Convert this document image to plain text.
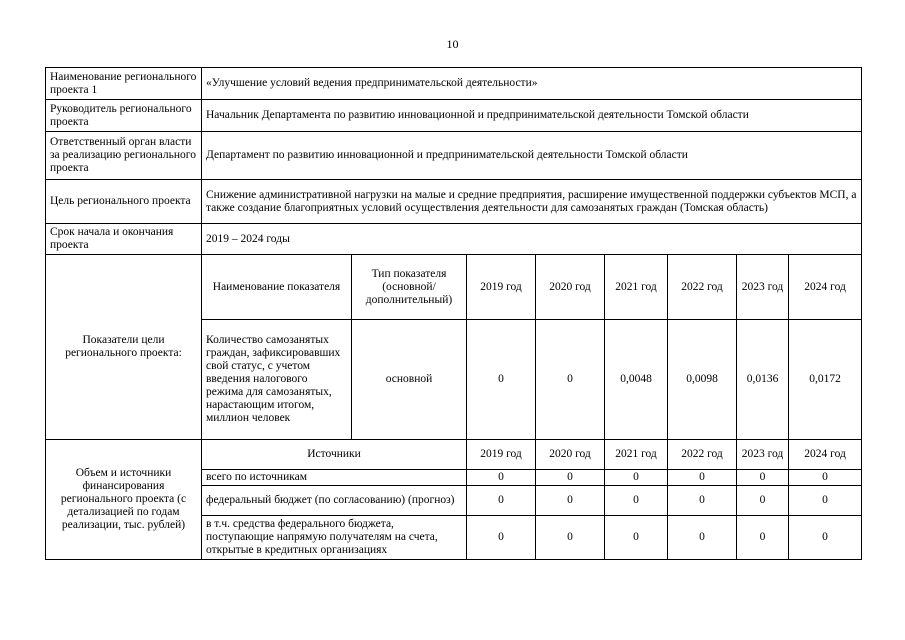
10
Наименование регионального проекта 1	«Улучшение условий ведения предпринимательской деятельности»							
Руководитель регионального проекта	Начальник Департамента по развитию инновационной и предпринимательской деятельности Томской области							
Ответственный орган власти за реализацию регионального проекта	Департамент по развитию инновационной и предпринимательской деятельности Томской области							
Цель регионального проекта	Снижение административной нагрузки на малые и средние предприятия, расширение имущественной поддержки субъектов МСП, а также создание благоприятных условий осуществления деятельности для самозанятых граждан (Томская область)							
Срок начала и окончания проекта	2019 – 2024 годы							
Показатели цели регионального проекта:	Наименование показателя	Тип показателя (основной/ дополнительный)	2019 год	2020 год	2021 год	2022 год	2023 год	2024 год
	Количество самозанятых граждан, зафиксировавших свой статус, с учетом введения налогового режима для самозанятых, нарастающим итогом, миллион человек	основной	0	0	0,0048	0,0098	0,0136	0,0172
Объем и источники финансирования регионального проекта (с детализацией по годам реализации, тыс. рублей)	Источники		2019 год	2020 год	2021 год	2022 год	2023 год	2024 год
	всего по источникам		0	0	0	0	0	0
	федеральный бюджет (по согласованию) (прогноз)		0	0	0	0	0	0
	в т.ч. средства федерального бюджета, поступающие напрямую получателям на счета, открытые в кредитных организациях		0	0	0	0	0	0
